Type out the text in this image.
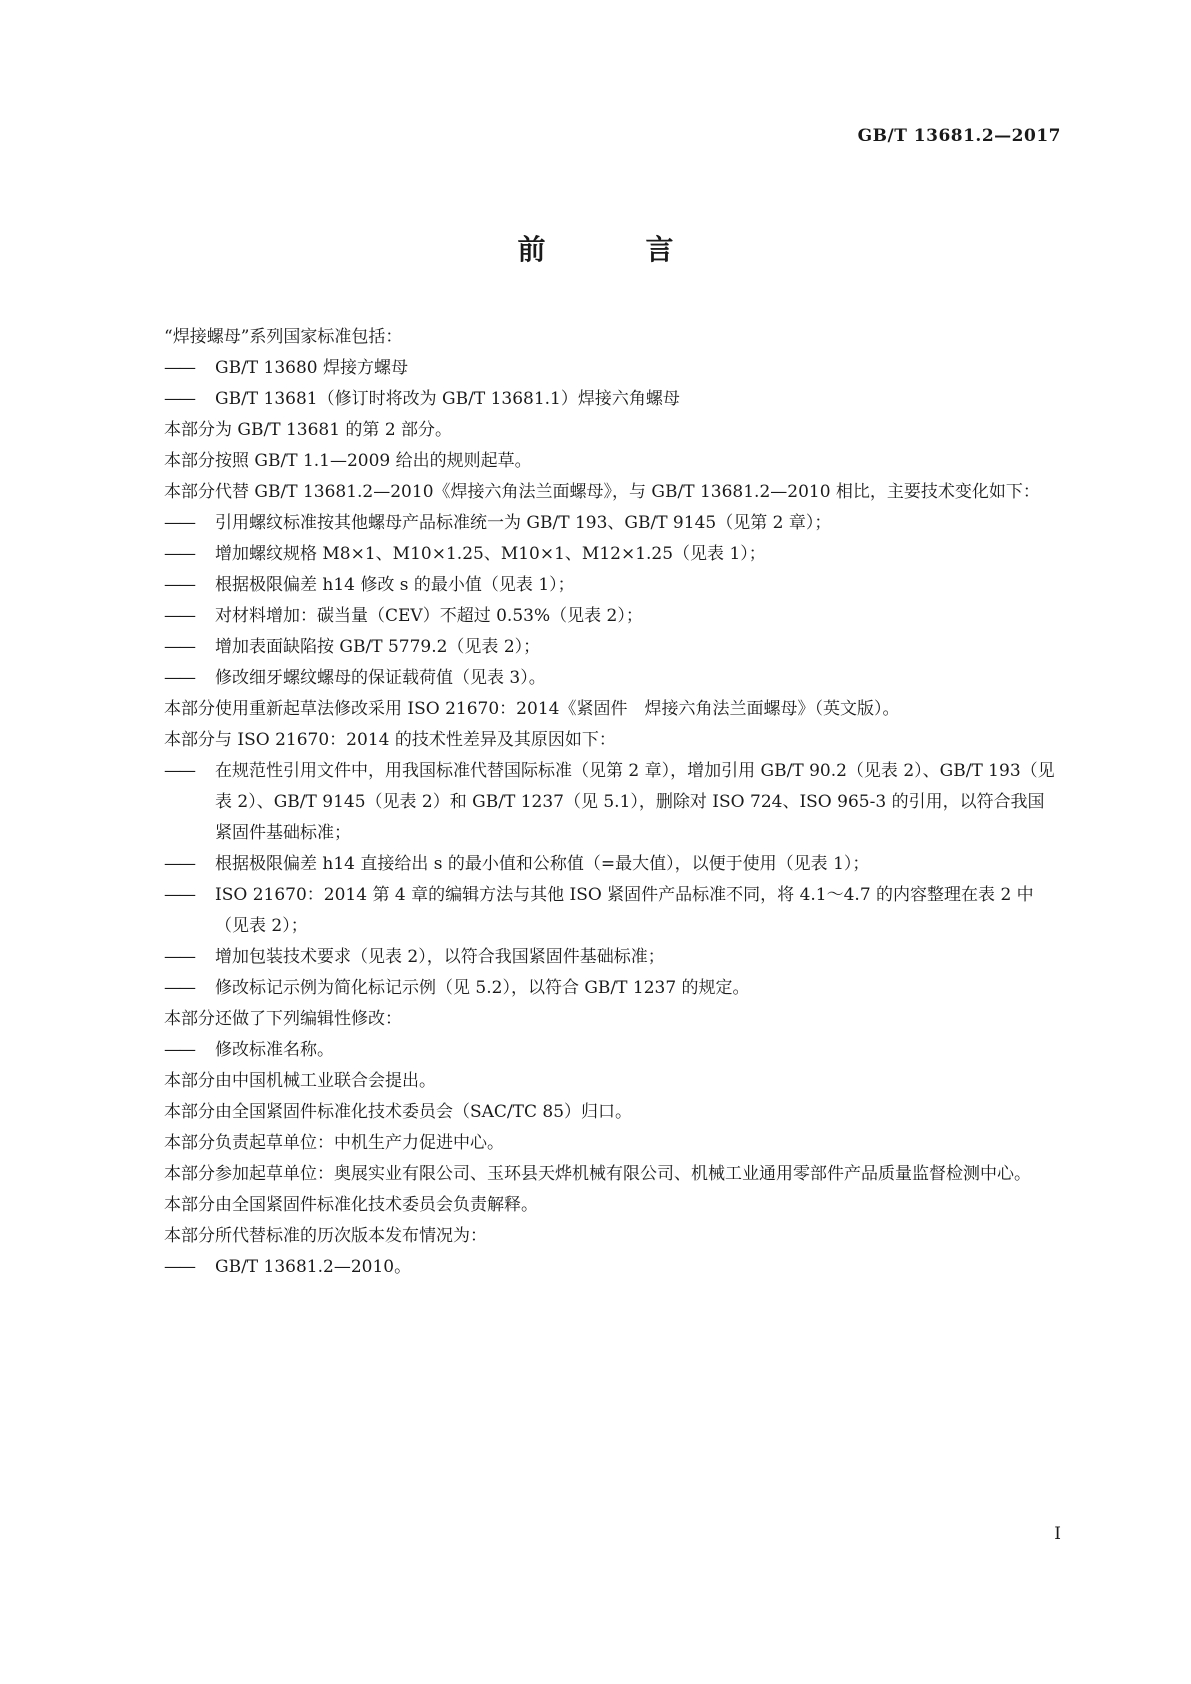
GB/T 13681.2—2017
前　言
“焊接螺母”系列国家标准包括：
—— GB/T 13680 焊接方螺母
—— GB/T 13681（修订时将改为 GB/T 13681.1）焊接六角螺母
本部分为 GB/T 13681 的第 2 部分。
本部分按照 GB/T 1.1—2009 给出的规则起草。
本部分代替 GB/T 13681.2—2010《焊接六角法兰面螺母》，与 GB/T 13681.2—2010 相比，主要技术变化如下：
—— 引用螺纹标准按其他螺母产品标准统一为 GB/T 193、GB/T 9145（见第 2 章）；
—— 增加螺纹规格 M8×1、M10×1.25、M10×1、M12×1.25（见表 1）；
—— 根据极限偏差 h14 修改 s 的最小值（见表 1）；
—— 对材料增加：碳当量（CEV）不超过 0.53%（见表 2）；
—— 增加表面缺陷按 GB/T 5779.2（见表 2）；
—— 修改细牙螺纹螺母的保证载荷值（见表 3）。
本部分使用重新起草法修改采用 ISO 21670：2014《紧固件　焊接六角法兰面螺母》（英文版）。
本部分与 ISO 21670：2014 的技术性差异及其原因如下：
—— 在规范性引用文件中，用我国标准代替国际标准（见第 2 章），增加引用 GB/T 90.2（见表 2）、GB/T 193（见表 2）、GB/T 9145（见表 2）和 GB/T 1237（见 5.1），删除对 ISO 724、ISO 965-3 的引用，以符合我国紧固件基础标准；
—— 根据极限偏差 h14 直接给出 s 的最小值和公称值（=最大值），以便于使用（见表 1）；
—— ISO 21670：2014 第 4 章的编辑方法与其他 ISO 紧固件产品标准不同，将 4.1～4.7 的内容整理在表 2 中（见表 2）；
—— 增加包装技术要求（见表 2），以符合我国紧固件基础标准；
—— 修改标记示例为简化标记示例（见 5.2），以符合 GB/T 1237 的规定。
本部分还做了下列编辑性修改：
—— 修改标准名称。
本部分由中国机械工业联合会提出。
本部分由全国紧固件标准化技术委员会（SAC/TC 85）归口。
本部分负责起草单位：中机生产力促进中心。
本部分参加起草单位：奥展实业有限公司、玉环县天烨机械有限公司、机械工业通用零部件产品质量监督检测中心。
本部分由全国紧固件标准化技术委员会负责解释。
本部分所代替标准的历次版本发布情况为：
—— GB/T 13681.2—2010。
I
